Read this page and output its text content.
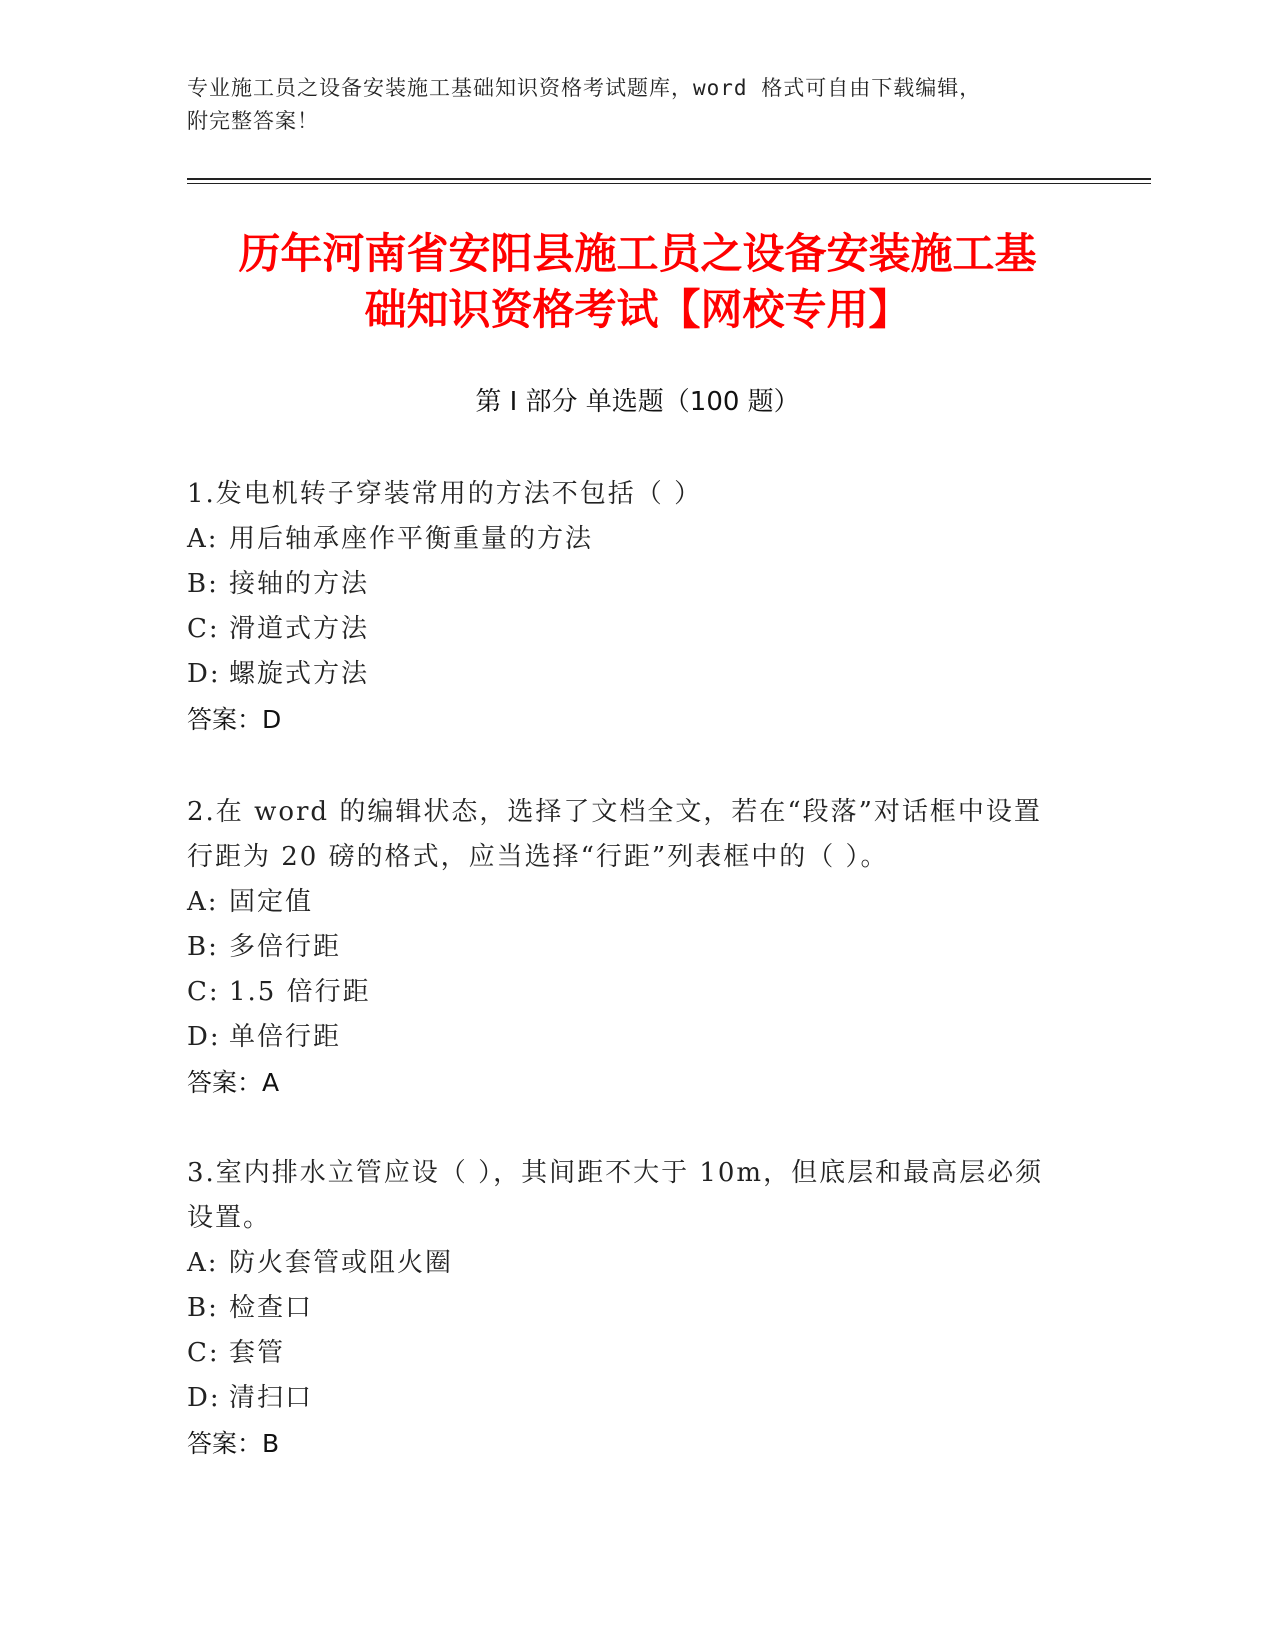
专业施工员之设备安装施工基础知识资格考试题库，word 格式可自由下载编辑，
附完整答案！
历年河南省安阳县施工员之设备安装施工基
础知识资格考试【网校专用】
第 I 部分 单选题（100 题）
1.发电机转子穿装常用的方法不包括（ ）
A: 用后轴承座作平衡重量的方法
B: 接轴的方法
C: 滑道式方法
D: 螺旋式方法
答案：D
2.在 word 的编辑状态，选择了文档全文，若在“段落”对话框中设置
行距为 20 磅的格式，应当选择“行距”列表框中的（ ）。
A: 固定值
B: 多倍行距
C: 1.5 倍行距
D: 单倍行距
答案：A
3.室内排水立管应设（ ），其间距不大于 10m，但底层和最高层必须
设置。
A: 防火套管或阻火圈
B: 检查口
C: 套管
D: 清扫口
答案：B
